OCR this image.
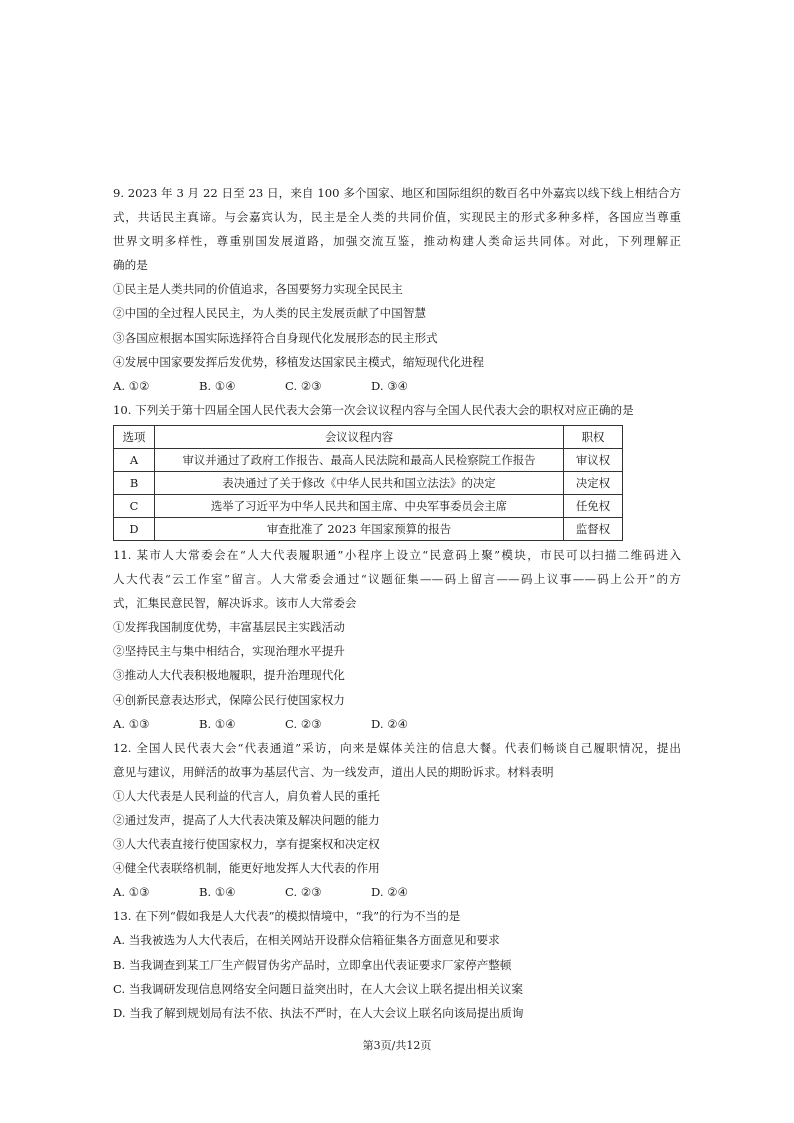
9. 2023 年 3 月 22 日至 23 日，来自 100 多个国家、地区和国际组织的数百名中外嘉宾以线下线上相结合方
式，共话民主真谛。与会嘉宾认为，民主是全人类的共同价值，实现民主的形式多种多样，各国应当尊重
世界文明多样性，尊重别国发展道路，加强交流互鉴，推动构建人类命运共同体。对此，下列理解正
确的是
①民主是人类共同的价值追求，各国要努力实现全民民主
②中国的全过程人民民主，为人类的民主发展贡献了中国智慧
③各国应根据本国实际选择符合自身现代化发展形态的民主形式
④发展中国家要发挥后发优势，移植发达国家民主模式，缩短现代化进程
A. ①②	B. ①④	C. ②③	D. ③④
10. 下列关于第十四届全国人民代表大会第一次会议议程内容与全国人民代表大会的职权对应正确的是
选项	会议议程内容	职权
A	审议并通过了政府工作报告、最高人民法院和最高人民检察院工作报告	审议权
B	表决通过了关于修改《中华人民共和国立法法》的决定	决定权
C	选举了习近平为中华人民共和国主席、中央军事委员会主席	任免权
D	审查批准了 2023 年国家预算的报告	监督权
11. 某市人大常委会在“人大代表履职通”小程序上设立“民意码上聚”模块，市民可以扫描二维码进入
人大代表“云工作室”留言。人大常委会通过“议题征集——码上留言——码上议事——码上公开”的方
式，汇集民意民智，解决诉求。该市人大常委会
①发挥我国制度优势，丰富基层民主实践活动
②坚持民主与集中相结合，实现治理水平提升
③推动人大代表积极地履职，提升治理现代化
④创新民意表达形式，保障公民行使国家权力
A. ①③	B. ①④	C. ②③	D. ②④
12. 全国人民代表大会“代表通道”采访，向来是媒体关注的信息大餐。代表们畅谈自己履职情况，提出
意见与建议，用鲜活的故事为基层代言、为一线发声，道出人民的期盼诉求。材料表明
①人大代表是人民利益的代言人，肩负着人民的重托
②通过发声，提高了人大代表决策及解决问题的能力
③人大代表直接行使国家权力，享有提案权和决定权
④健全代表联络机制，能更好地发挥人大代表的作用
A. ①③	B. ①④	C. ②③	D. ②④
13. 在下列“假如我是人大代表”的模拟情境中，“我”的行为不当的是
A. 当我被选为人大代表后，在相关网站开设群众信箱征集各方面意见和要求
B. 当我调查到某工厂生产假冒伪劣产品时，立即拿出代表证要求厂家停产整顿
C. 当我调研发现信息网络安全问题日益突出时，在人大会议上联名提出相关议案
D. 当我了解到规划局有法不依、执法不严时，在人大会议上联名向该局提出质询
第3页/共12页
